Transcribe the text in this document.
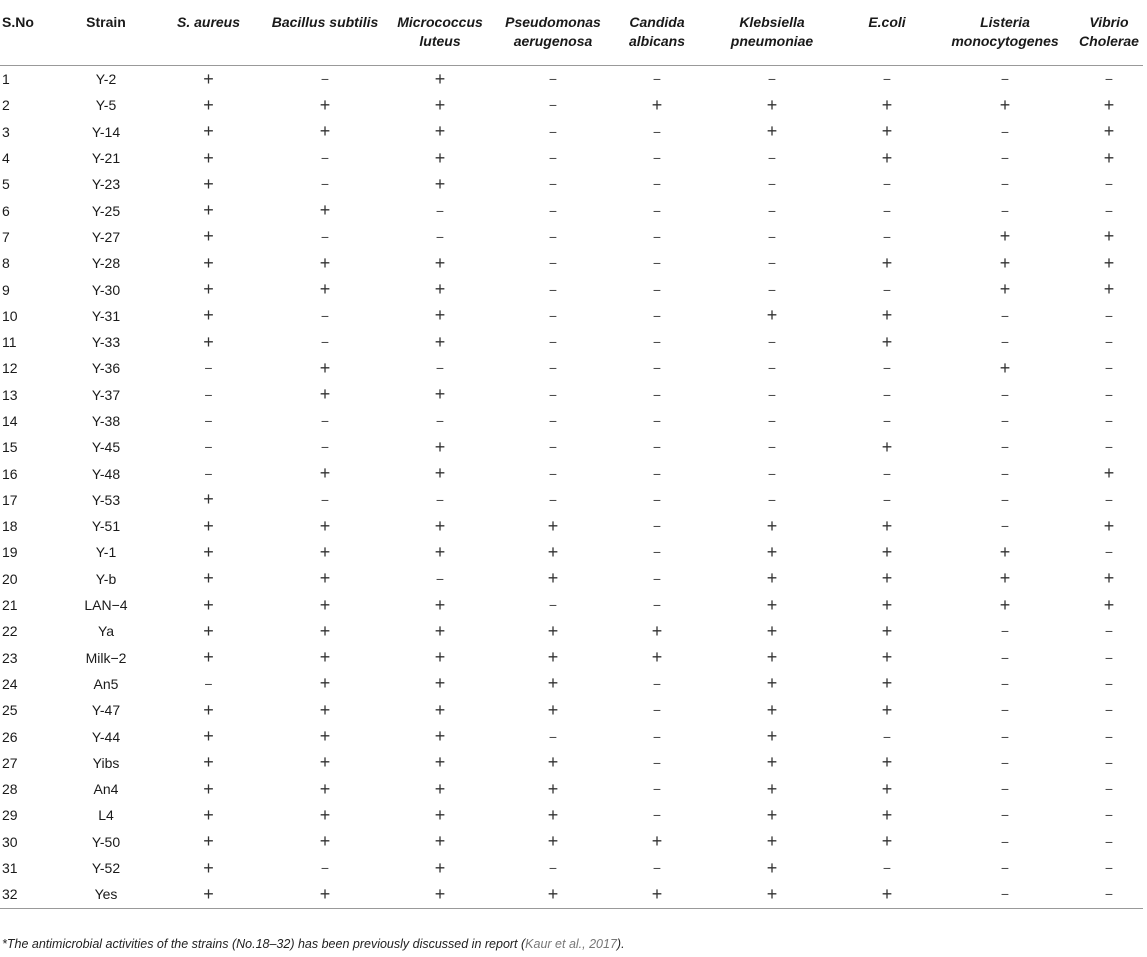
S.No	Strain	S. aureus	Bacillus subtilis	Micrococcus luteus	Pseudomonas aerugenosa	Candida albicans	Klebsiella pneumoniae	E.coli	Listeria monocytogenes	Vibrio Cholerae
1	Y-2	+	−	+	−	−	−	−	−	−
2	Y-5	+	+	+	−	+	+	+	+	+
3	Y-14	+	+	+	−	−	+	+	−	+
4	Y-21	+	−	+	−	−	−	+	−	+
5	Y-23	+	−	+	−	−	−	−	−	−
6	Y-25	+	+	−	−	−	−	−	−	−
7	Y-27	+	−	−	−	−	−	−	+	+
8	Y-28	+	+	+	−	−	−	+	+	+
9	Y-30	+	+	+	−	−	−	−	+	+
10	Y-31	+	−	+	−	−	+	+	−	−
11	Y-33	+	−	+	−	−	−	+	−	−
12	Y-36	−	+	−	−	−	−	−	+	−
13	Y-37	−	+	+	−	−	−	−	−	−
14	Y-38	−	−	−	−	−	−	−	−	−
15	Y-45	−	−	+	−	−	−	+	−	−
16	Y-48	−	+	+	−	−	−	−	−	+
17	Y-53	+	−	−	−	−	−	−	−	−
18	Y-51	+	+	+	+	−	+	+	−	+
19	Y-1	+	+	+	+	−	+	+	+	−
20	Y-b	+	+	−	+	−	+	+	+	+
21	LAN−4	+	+	+	−	−	+	+	+	+
22	Ya	+	+	+	+	+	+	+	−	−
23	Milk−2	+	+	+	+	+	+	+	−	−
24	An5	−	+	+	+	−	+	+	−	−
25	Y-47	+	+	+	+	−	+	+	−	−
26	Y-44	+	+	+	−	−	+	−	−	−
27	Yibs	+	+	+	+	−	+	+	−	−
28	An4	+	+	+	+	−	+	+	−	−
29	L4	+	+	+	+	−	+	+	−	−
30	Y-50	+	+	+	+	+	+	+	−	−
31	Y-52	+	−	+	−	−	+	−	−	−
32	Yes	+	+	+	+	+	+	+	−	−
*The antimicrobial activities of the strains (No.18–32) has been previously discussed in report (Kaur et al., 2017).
